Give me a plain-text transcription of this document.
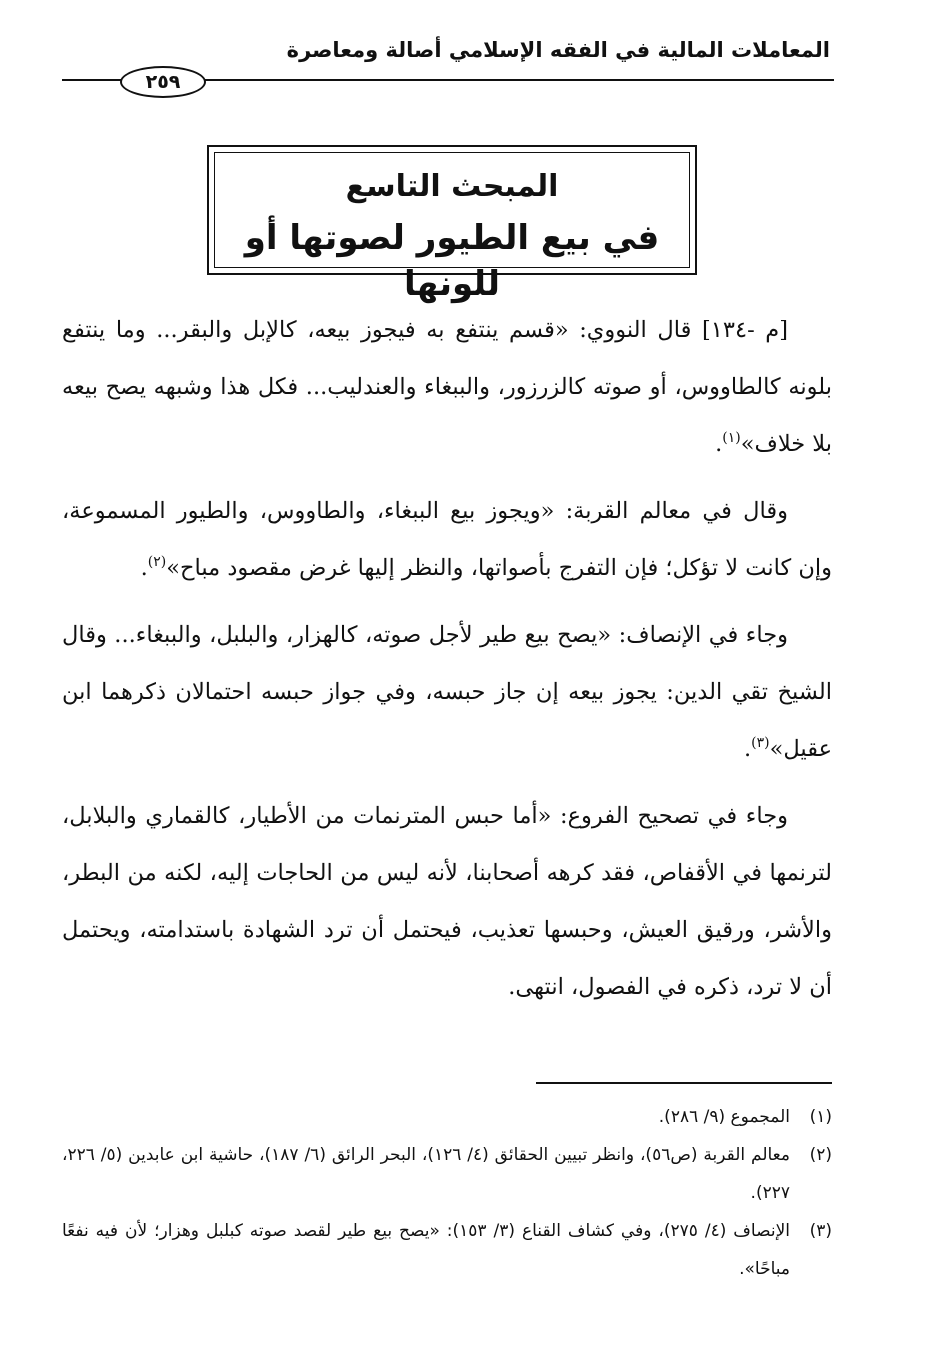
المعاملات المالية في الفقه الإسلامي أصالة ومعاصرة
٢٥٩
المبحث التاسع
في بيع الطيور لصوتها أو للونها

[م -١٣٤] قال النووي: «قسم ينتفع به فيجوز بيعه، كالإبل والبقر... وما ينتفع بلونه كالطاووس، أو صوته كالزرزور، والببغاء والعندليب... فكل هذا وشبهه يصح بيعه بلا خلاف»$^{(١)}$.

وقال في معالم القربة: «ويجوز بيع الببغاء، والطاووس، والطيور المسموعة، وإن كانت لا تؤكل؛ فإن التفرج بأصواتها، والنظر إليها غرض مقصود مباح»$^{(٢)}$.

وجاء في الإنصاف: «يصح بيع طير لأجل صوته، كالهزار، والبلبل، والببغاء... وقال الشيخ تقي الدين: يجوز بيعه إن جاز حبسه، وفي جواز حبسه احتمالان ذكرهما ابن عقيل»$^{(٣)}$.

وجاء في تصحيح الفروع: «أما حبس المترنمات من الأطيار، كالقماري والبلابل، لترنمها في الأقفاص، فقد كرهه أصحابنا، لأنه ليس من الحاجات إليه، لكنه من البطر، والأشر، ورقيق العيش، وحبسها تعذيب، فيحتمل أن ترد الشهادة باستدامته، ويحتمل أن لا ترد، ذكره في الفصول، انتهى.

(١)
المجموع (٩/ ٢٨٦).

(٢)
معالم القربة (ص٥٦)، وانظر تبيين الحقائق (٤/ ١٢٦)، البحر الرائق (٦/ ١٨٧)، حاشية ابن عابدين (٥/ ٢٢٦، ٢٢٧).

(٣)
الإنصاف (٤/ ٢٧٥)، وفي كشاف القناع (٣/ ١٥٣): «يصح بيع طير لقصد صوته كبلبل وهزار؛ لأن فيه نفعًا مباحًا».
